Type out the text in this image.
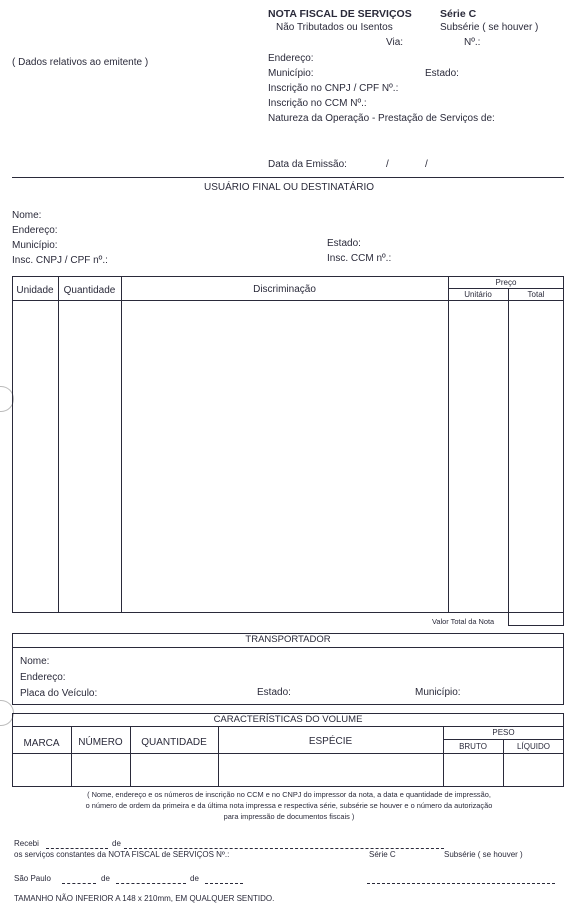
NOTA FISCAL DE SERVIÇOS
Não Tributados ou Isentos
Série C
Subsérie ( se houver )
Via:	Nº.:
( Dados relativos ao emitente )	Endereço:
Município:	Estado:
Inscrição no CNPJ / CPF Nº.:
Inscrição no CCM Nº.:
Natureza da Operação - Prestação de Serviços de:
Data da Emissão:	/	/
USUÁRIO FINAL OU DESTINATÁRIO
Nome:
Endereço:
Município:	Estado:
Insc. CNPJ / CPF nº.:	Insc. CCM nº.:
Unidade	Quantidade	Discriminação
Preço
Unitário	Total
Valor Total da Nota
TRANSPORTADOR
Nome:
Endereço:
Placa do Veículo:	Estado:	Município:
CARACTERÍSTICAS DO VOLUME
MARCA	NÚMERO	QUANTIDADE	ESPÉCIE
PESO
BRUTO	LÍQUIDO
( Nome, endereço e os números de inscrição no CCM e no CNPJ do impressor da nota, a data e quantidade de impressão,
o número de ordem da primeira e da última nota impressa e respectiva série, subsérie se houver e o número da autorização
para impressão de documentos fiscais )
Recebi	de
os serviços constantes da NOTA FISCAL de SERVIÇOS Nº.:	Série C	Subsérie ( se houver )
São Paulo	de	de
TAMANHO NÃO INFERIOR A 148 x 210mm, EM QUALQUER SENTIDO.
